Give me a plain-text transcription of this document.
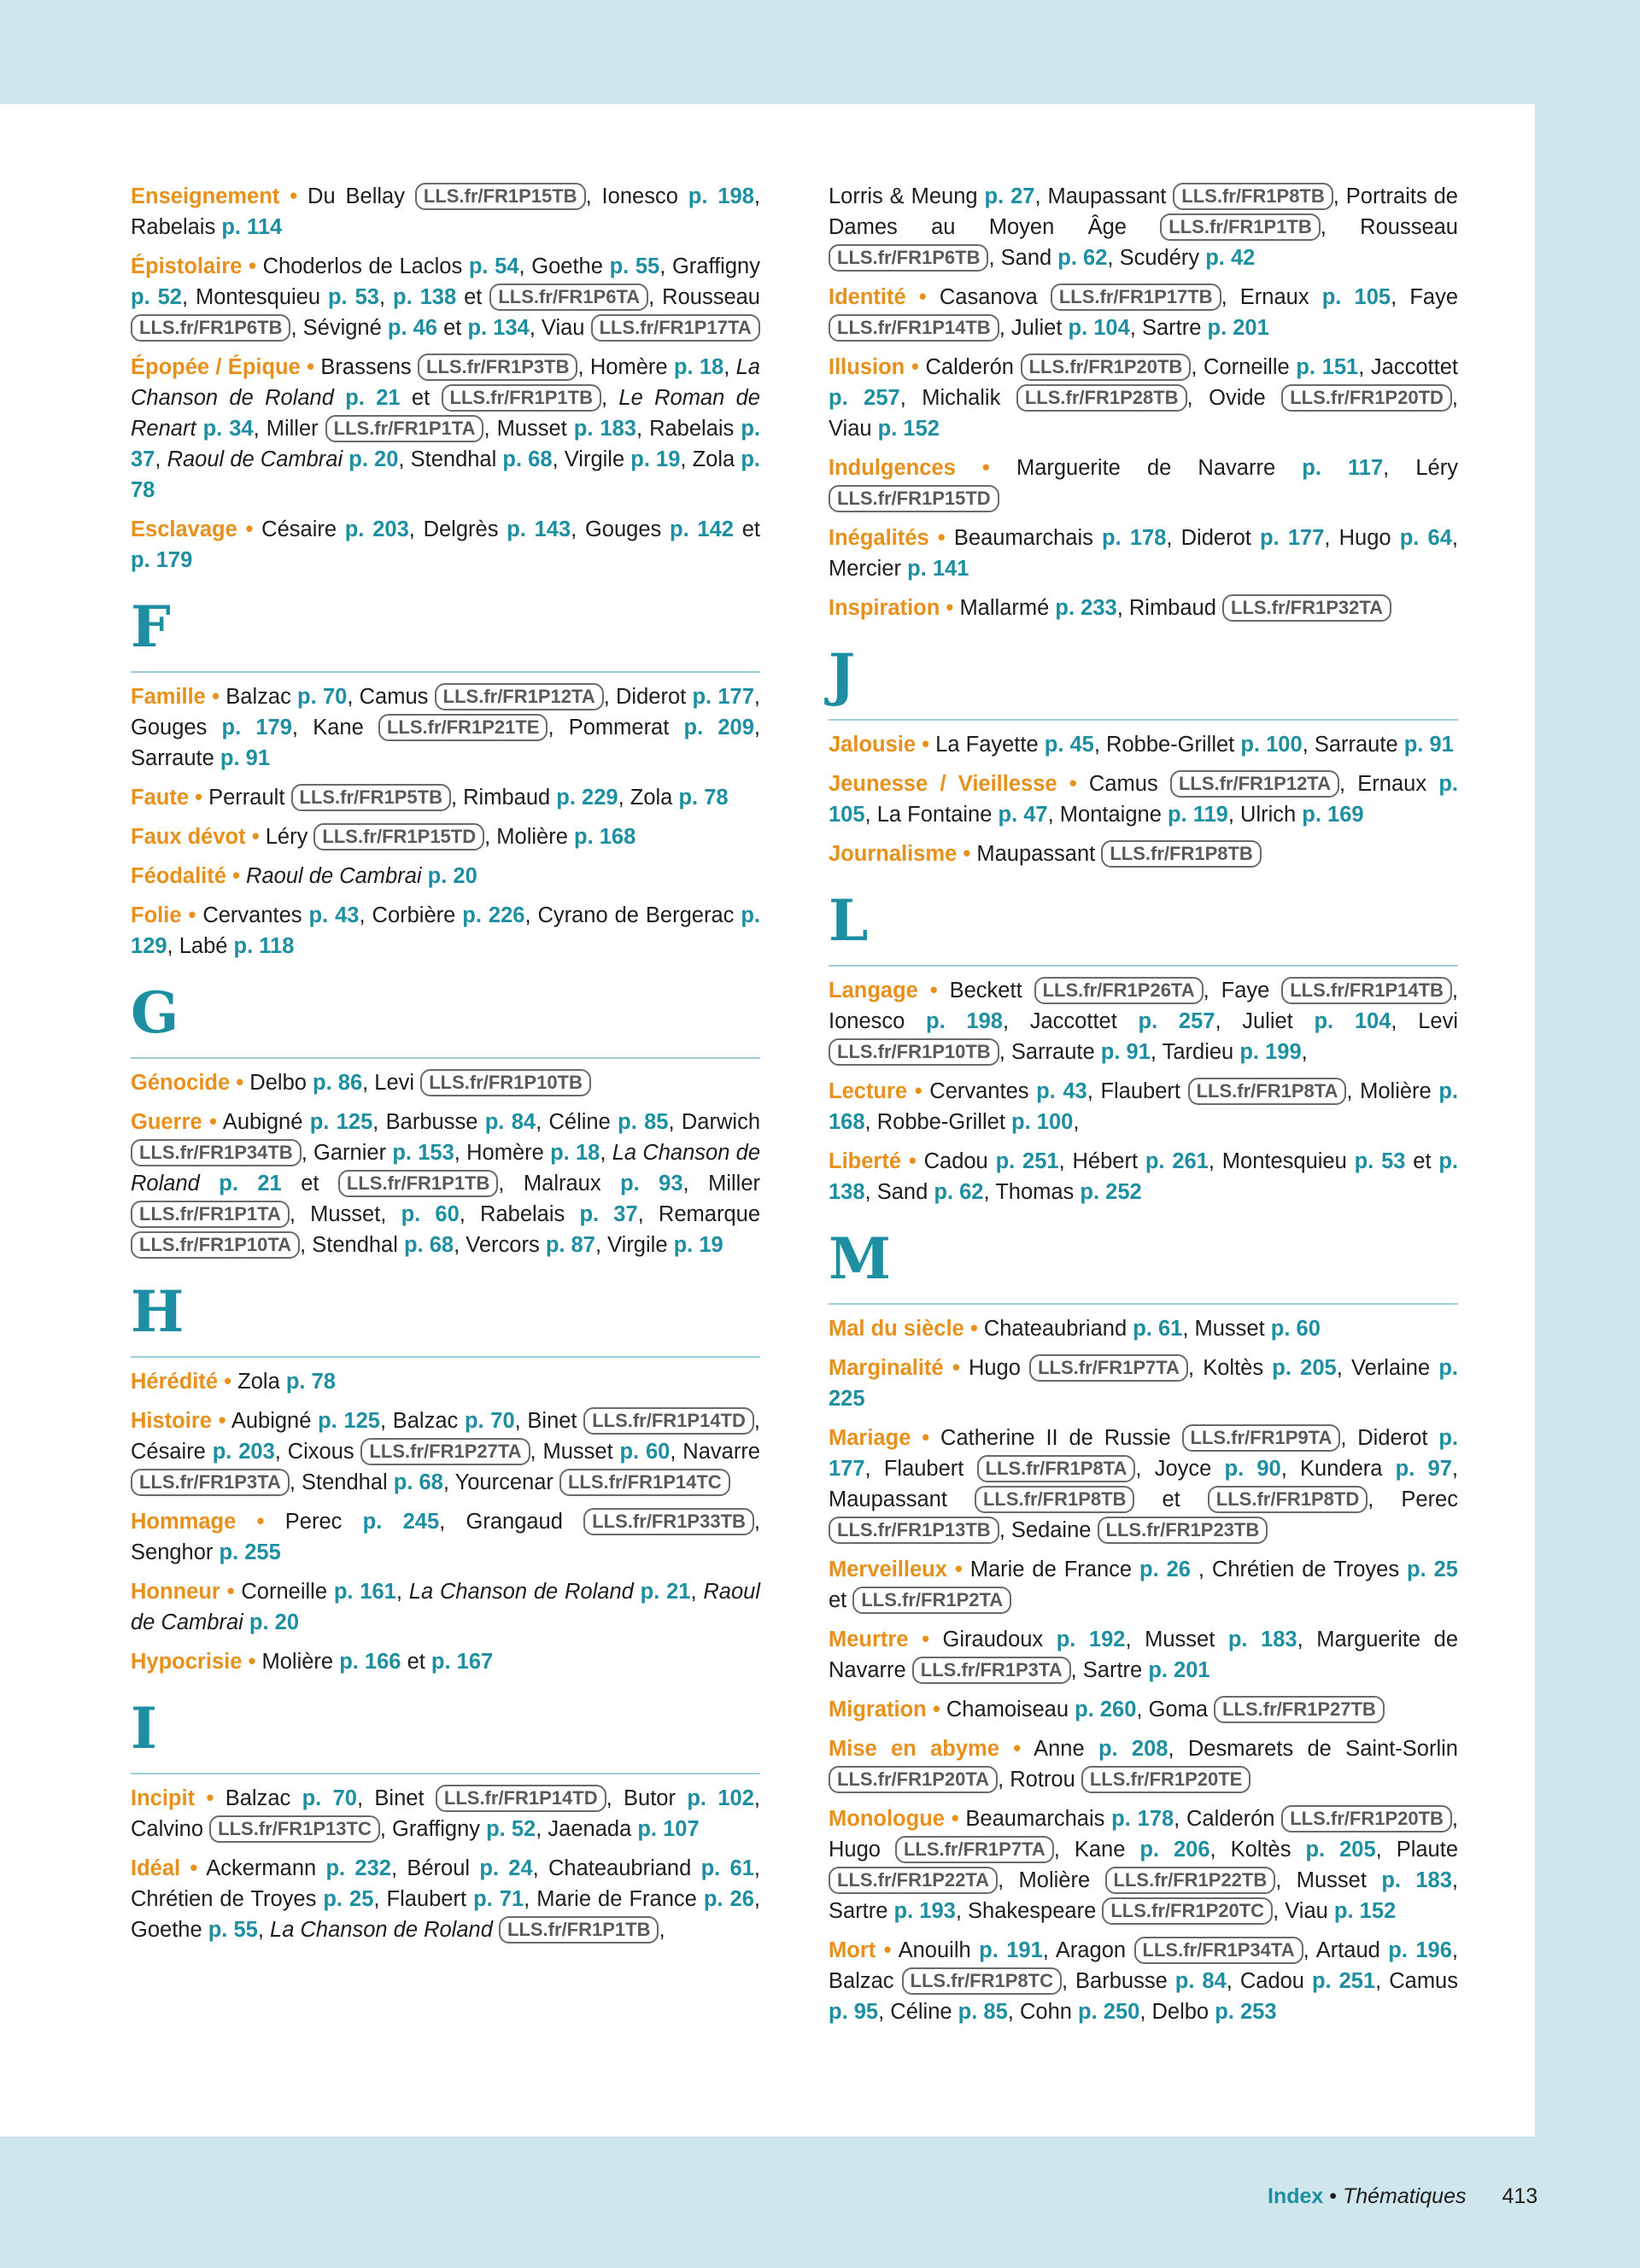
Enseignement • Du Bellay LLS.fr/FR1P15TB , Ionesco p. 198, Rabelais p. 114
Épistolaire • Choderlos de Laclos p. 54, Goethe p. 55, Graffigny p. 52, Montesquieu p. 53, p. 138 et LLS.fr/FR1P6TA , Rousseau LLS.fr/FR1P6TB , Sévigné p. 46 et p. 134, Viau LLS.fr/FR1P17TA
Épopée / Épique • Brassens LLS.fr/FR1P3TB , Homère p. 18, La Chanson de Roland p. 21 et LLS.fr/FR1P1TB , Le Roman de Renart p. 34, Miller LLS.fr/FR1P1TA , Musset p. 183, Rabelais p. 37, Raoul de Cambrai p. 20, Stendhal p. 68, Virgile p. 19, Zola p. 78
Esclavage • Césaire p. 203, Delgrès p. 143, Gouges p. 142 et p. 179
F
Famille • Balzac p. 70, Camus LLS.fr/FR1P12TA , Diderot p. 177, Gouges p. 179, Kane LLS.fr/FR1P21TE , Pommerat p. 209, Sarraute p. 91
Faute • Perrault LLS.fr/FR1P5TB , Rimbaud p. 229, Zola p. 78
Faux dévot • Léry LLS.fr/FR1P15TD , Molière p. 168
Féodalité • Raoul de Cambrai p. 20
Folie • Cervantes p. 43, Corbière p. 226, Cyrano de Bergerac p. 129, Labé p. 118
G
Génocide • Delbo p. 86, Levi LLS.fr/FR1P10TB
Guerre • Aubigné p. 125, Barbusse p. 84, Céline p. 85, Darwich LLS.fr/FR1P34TB , Garnier p. 153, Homère p. 18, La Chanson de Roland p. 21 et LLS.fr/FR1P1TB , Malraux p. 93, Miller LLS.fr/FR1P1TA , Musset, p. 60, Rabelais p. 37, Remarque LLS.fr/FR1P10TA , Stendhal p. 68, Vercors p. 87, Virgile p. 19
H
Hérédité • Zola p. 78
Histoire • Aubigné p. 125, Balzac p. 70, Binet LLS.fr/FR1P14TD , Césaire p. 203, Cixous LLS.fr/FR1P27TA , Musset p. 60, Navarre LLS.fr/FR1P3TA , Stendhal p. 68, Yourcenar LLS.fr/FR1P14TC
Hommage • Perec p. 245, Grangaud LLS.fr/FR1P33TB , Senghor p. 255
Honneur • Corneille p. 161, La Chanson de Roland p. 21, Raoul de Cambrai p. 20
Hypocrisie • Molière p. 166 et p. 167
I
Incipit • Balzac p. 70, Binet LLS.fr/FR1P14TD , Butor p. 102, Calvino LLS.fr/FR1P13TC , Graffigny p. 52, Jaenada p. 107
Idéal • Ackermann p. 232, Béroul p. 24, Chateaubriand p. 61, Chrétien de Troyes p. 25, Flaubert p. 71, Marie de France p. 26, Goethe p. 55, La Chanson de Roland LLS.fr/FR1P1TB ,
Lorris & Meung p. 27, Maupassant LLS.fr/FR1P8TB , Portraits de Dames au Moyen Âge LLS.fr/FR1P1TB , Rousseau LLS.fr/FR1P6TB , Sand p. 62, Scudéry p. 42
Identité • Casanova LLS.fr/FR1P17TB , Ernaux p. 105, Faye LLS.fr/FR1P14TB , Juliet p. 104, Sartre p. 201
Illusion • Calderón LLS.fr/FR1P20TB , Corneille p. 151, Jaccottet p. 257, Michalik LLS.fr/FR1P28TB , Ovide LLS.fr/FR1P20TD , Viau p. 152
Indulgences • Marguerite de Navarre p. 117, Léry LLS.fr/FR1P15TD
Inégalités • Beaumarchais p. 178, Diderot p. 177, Hugo p. 64, Mercier p. 141
Inspiration • Mallarmé p. 233, Rimbaud LLS.fr/FR1P32TA
J
Jalousie • La Fayette p. 45, Robbe-Grillet p. 100, Sarraute p. 91
Jeunesse / Vieillesse • Camus LLS.fr/FR1P12TA , Ernaux p. 105, La Fontaine p. 47, Montaigne p. 119, Ulrich p. 169
Journalisme • Maupassant LLS.fr/FR1P8TB
L
Langage • Beckett LLS.fr/FR1P26TA , Faye LLS.fr/FR1P14TB , Ionesco p. 198, Jaccottet p. 257, Juliet p. 104, Levi LLS.fr/FR1P10TB , Sarraute p. 91, Tardieu p. 199,
Lecture • Cervantes p. 43, Flaubert LLS.fr/FR1P8TA , Molière p. 168, Robbe-Grillet p. 100,
Liberté • Cadou p. 251, Hébert p. 261, Montesquieu p. 53 et p. 138, Sand p. 62, Thomas p. 252
M
Mal du siècle • Chateaubriand p. 61, Musset p. 60
Marginalité • Hugo LLS.fr/FR1P7TA , Koltès p. 205, Verlaine p. 225
Mariage • Catherine II de Russie LLS.fr/FR1P9TA , Diderot p. 177, Flaubert LLS.fr/FR1P8TA , Joyce p. 90, Kundera p. 97, Maupassant LLS.fr/FR1P8TB et LLS.fr/FR1P8TD , Perec LLS.fr/FR1P13TB , Sedaine LLS.fr/FR1P23TB
Merveilleux • Marie de France p. 26 , Chrétien de Troyes p. 25 et LLS.fr/FR1P2TA
Meurtre • Giraudoux p. 192, Musset p. 183, Marguerite de Navarre LLS.fr/FR1P3TA , Sartre p. 201
Migration • Chamoiseau p. 260, Goma LLS.fr/FR1P27TB
Mise en abyme • Anne p. 208, Desmarets de Saint-Sorlin LLS.fr/FR1P20TA , Rotrou LLS.fr/FR1P20TE
Monologue • Beaumarchais p. 178, Calderón LLS.fr/FR1P20TB , Hugo LLS.fr/FR1P7TA , Kane p. 206, Koltès p. 205, Plaute LLS.fr/FR1P22TA , Molière LLS.fr/FR1P22TB , Musset p. 183, Sartre p. 193, Shakespeare LLS.fr/FR1P20TC , Viau p. 152
Mort • Anouilh p. 191, Aragon LLS.fr/FR1P34TA , Artaud p. 196, Balzac LLS.fr/FR1P8TC , Barbusse p. 84, Cadou p. 251, Camus p. 95, Céline p. 85, Cohn p. 250, Delbo p. 253
Index • Thématiques 413
